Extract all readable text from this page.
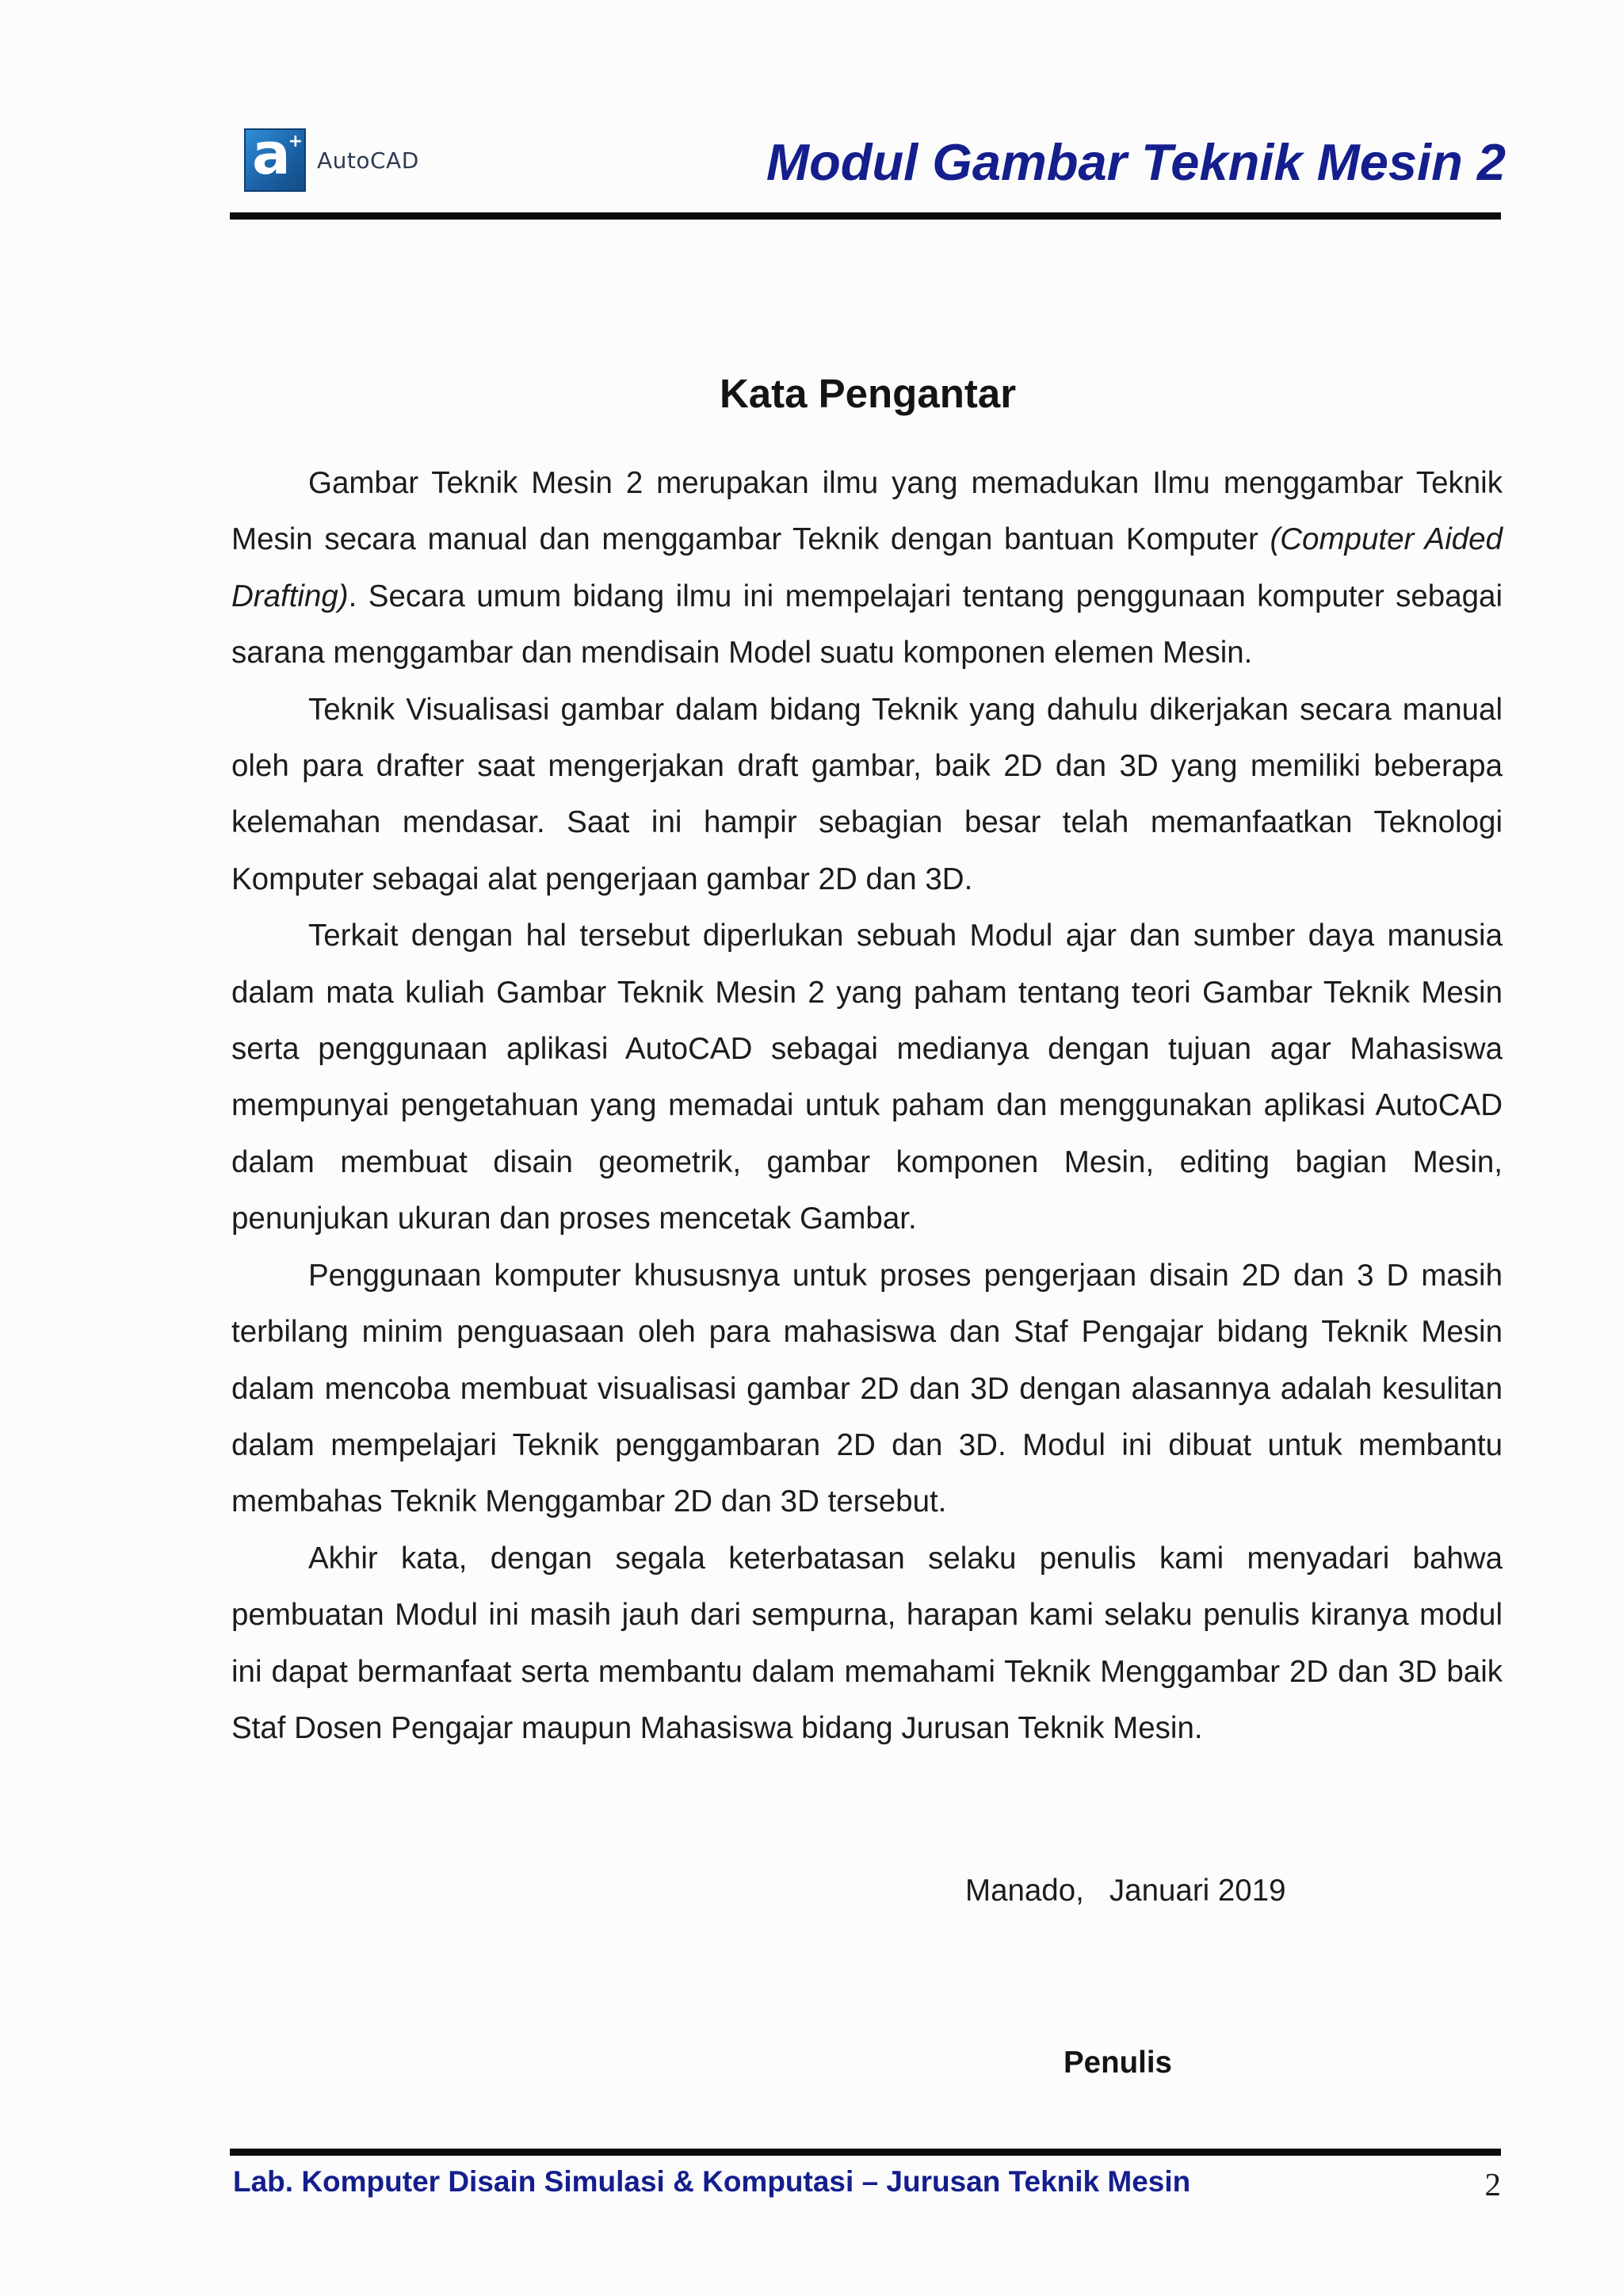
a
+
AutoCAD	Modul Gambar Teknik Mesin 2
Kata Pengantar

Gambar Teknik Mesin 2 merupakan ilmu yang memadukan Ilmu menggambar Teknik Mesin secara manual dan menggambar Teknik dengan bantuan Komputer (Computer Aided Drafting). Secara umum bidang ilmu ini mempelajari tentang penggunaan komputer sebagai sarana menggambar dan mendisain Model suatu komponen elemen Mesin.

Teknik Visualisasi gambar dalam bidang Teknik yang dahulu dikerjakan secara manual oleh para drafter saat mengerjakan draft gambar, baik 2D dan 3D yang memiliki beberapa kelemahan mendasar. Saat ini hampir sebagian besar telah memanfaatkan Teknologi Komputer sebagai alat pengerjaan gambar 2D dan 3D.

Terkait dengan hal tersebut diperlukan sebuah Modul ajar dan sumber daya manusia dalam mata kuliah Gambar Teknik Mesin 2 yang paham tentang teori Gambar Teknik Mesin serta penggunaan aplikasi AutoCAD sebagai medianya dengan tujuan agar Mahasiswa mempunyai pengetahuan yang memadai untuk paham dan menggunakan aplikasi AutoCAD dalam membuat disain geometrik, gambar komponen Mesin, editing bagian Mesin, penunjukan ukuran dan proses mencetak Gambar.

Penggunaan komputer khususnya untuk proses pengerjaan disain 2D dan 3 D masih terbilang minim penguasaan oleh para mahasiswa dan Staf Pengajar bidang Teknik Mesin dalam mencoba membuat visualisasi gambar 2D dan 3D dengan alasannya adalah kesulitan dalam mempelajari Teknik penggambaran 2D dan 3D. Modul ini dibuat untuk membantu membahas Teknik Menggambar 2D dan 3D tersebut.

Akhir kata, dengan segala keterbatasan selaku penulis kami menyadari bahwa pembuatan Modul ini masih jauh dari sempurna, harapan kami selaku penulis kiranya modul ini dapat bermanfaat serta membantu dalam memahami Teknik Menggambar 2D dan 3D baik Staf Dosen Pengajar maupun Mahasiswa bidang Jurusan Teknik Mesin.

Manado,   Januari 2019
Penulis
Lab. Komputer Disain Simulasi & Komputasi – Jurusan Teknik Mesin	2
